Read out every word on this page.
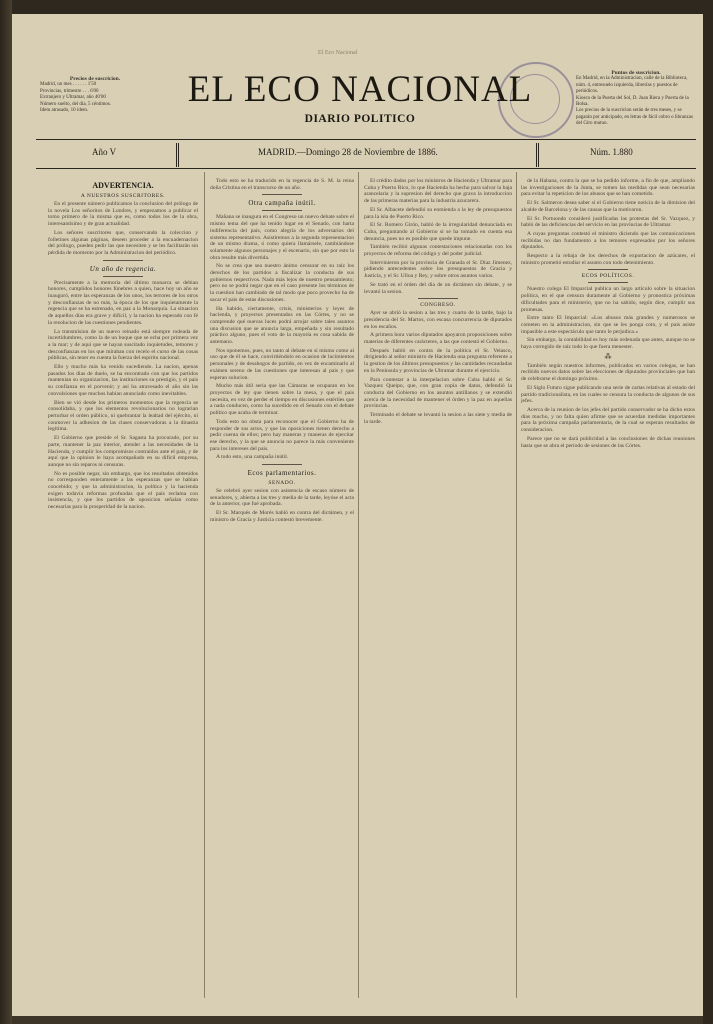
El Eco Nacional
Precios de suscricion.
Madrid, un mes . . . . . . 1'50
Provincias, trimestre . . . 6'00
Extranjero y Ultramar, año 40'00
Número suelto, del día, 5 céntimos.
Idem atrasado, 10 ídem.
Puntos de suscricion.
En Madrid, en la Administracion, calle de la Biblioteca, núm. 4, entresuelo izquierda, librerías y puestos de periódicos.
Kiosco de la Puerta del Sol, D. Juan Riera y Puerta de la Bolsa.
Los precios de la suscricion serán de tres meses, y se pagarán por anticipado, en letras de fácil cobro o libranzas del Giro mutuo.
EL ECO NACIONAL
DIARIO POLITICO
Año V	MADRID.—Domingo 28 de Noviembre de 1886.	Núm. 1.880
ADVERTENCIA.
A NUESTROS SUSCRITORES.

En el presente número publicamos la conclusion del prólogo de la novela Los señoritos de Londres, y empezamos a publicar el tomo primero de la misma que es, como todos los de la obra, interesantísimo y de gran actualidad.

Los señores suscritores que, conservando la coleccion y folletines algunas páginas, deseen proceder a la encuadernacion del prólogo, pueden pedir las que necesiten y se les facilitarán sin pérdida de momento por la Administracion del periódico.

Un año de regencia.

Precisamente a la memoria del último monarca se debian honores, cumplidos honores fúnebres a quien, hace hoy un año se inauguró, entre las esperanzas de los unos, los terrores de los otros y desconfianzas de no más, la época de los que inquietamente la regencia que se ha estrenado, en paz a la Monarquía. La situacion de aquellos días era grave y difícil, y la nacion ha esperado con fé la resolucion de las cuestiones pendientes.

La transmision de un nuevo reinado está siempre rodeada de incertidumbres, como la de un buque que se echa por primera vez a la mar; y de aquí que se hayan suscitado inquietudes, temores y desconfianzas en los que miraban con recelo el curso de las cosas públicas, sin tener en cuenta la fuerza del espíritu nacional.

Ello y mucho más ha venido sucediendo. La nacion, apenas pasados los dias de duelo, se ha encontrado con que los partidos mantenian su organizacion, las instituciones su prestigio, y el pais su confianza en el porvenir; y así ha atravesado el año sin las convulsiones que muchos habian anunciado como inevitables.

Bien se vió desde los primeros momentos que la regencia se consolidaba, y que los elementos revolucionarios no lograrian perturbar el orden público, ni quebrantar la lealtad del ejército, ni conmover la adhesion de las clases conservadoras a la dinastía legítima.

El Gobierno que preside el Sr. Sagasta ha procurado, por su parte, mantener la paz interior, atender a las necesidades de la Hacienda, y cumplir los compromisos contraidos ante el pais, y de aquí que la opinion le haya acompañado en su difícil empresa, aunque no sin reparos ni censuras.

No es posible negar, sin embargo, que los resultados obtenidos no corresponden enteramente a las esperanzas que se habian concebido; y que la administracion, la política y la hacienda exigen todavía reformas profundas que el pais reclama con insistencia, y que los partidos de oposicion señalan como necesarias para la prosperidad de la nacion.

Todo esto se ha traducido en la regencia de S. M. la reina doña Cristina en el transcurso de un año.

Otra campaña inútil.

Mañana se inaugura en el Congreso un nuevo debate sobre el mismo tema del que ha tenido lugar en el Senado, con harta indiferencia del país, como alegría de los adversarios del sistema representativo. Asistiremos a la segunda representacion de un mismo drama, ó como quiera llamársele, cambiándose solamente algunos personajes y el escenario, sin que por esto la obra resulte más divertida.

No se crea que sea nuestro ánimo censurar en su raíz los derechos de los partidos a fiscalizar la conducta de sus gobiernos respectivos. Nada más lejos de nuestro pensamiento; pero no se podrá negar que en el caso presente los términos de la cuestion han cambiado de tal modo que poco provecho ha de sacar el pais de estas discusiones.

Ha habido, ciertamente, crisis, ministerios y leyes de hacienda, y proyectos presentados en las Córtes, y no se comprende qué nuevas luces podrá arrojar sobre tales asuntos una discusion que se anuncia larga, empeñada y sin resultado práctico alguno, pues el voto de la mayoría es cosa sabida de antemano.

Nos oponemos, pues, no tanto al debate en sí mismo como al uso que de él se hace, convirtiéndolo en ocasion de lucimientos personales y de desahogos de partido, en vez de encaminarlo al exámen sereno de las cuestiones que interesan al pais y que esperan solucion.

Mucho más útil seria que las Cámaras se ocuparan en los proyectos de ley que tienen sobre la mesa, y que el pais necesita, en vez de perder el tiempo en discusiones estériles que a nada conducen, como ha sucedido en el Senado con el debate político que acaba de terminar.

Todo esto no obsta para reconocer que el Gobierno ha de responder de sus actos, y que las oposiciones tienen derecho a pedir cuenta de ellos; pero hay maneras y maneras de ejercitar ese derecho, y la que se anuncia no parece la más conveniente para los intereses del pais.

A todo esto, una campaña inútil.

Ecos parlamentarios.
SENADO.

Se celebró ayer sesion con asistencia de escaso número de senadores, y, abierta a las tres y media de la tarde, leyóse el acta de la anterior, que fué aprobada.

El Sr. Marqués de Morés habló en contra del dictámen, y el ministro de Gracia y Justicia contestó brevemente.

El crédito dados por los ministros de Hacienda y Ultramar para Cuba y Puerto Rico, lo que Hacienda ha hecho para salvar la baja arancelaria y la supresion del derecho que grava la introduccion de las primeras materias para la industria azucarera.

El Sr. Albacete defendió su enmienda a la ley de presupuestos para la isla de Puerto Rico.

El Sr. Romero Girón, habló de la irregularidad denunciada en Cuba, preguntando al Gobierno si se ha tomado en cuenta esa denuncia, pues no es posible que quede impune.

También recibió algunas contestaciones relacionadas con los proyectos de reforma del código y del poder judicial.

Intervinieron por la provincia de Granada el Sr. Díaz Jimenez, pidiendo antecedentes sobre los presupuestos de Gracia y Justicia, y el Sr. Ulloa y Rey, y sobre otros asuntos varios.

Se trató en el órden del dia de un dictámen sin debate, y se levantó la sesion.

CONGRESO.

Ayer se abrió la sesion a las tres y cuarto de la tarde, bajo la presidencia del Sr. Martos, con escasa concurrencia de diputados en los escaños.

A primera hora varios diputados apoyaron proposiciones sobre materias de diferentes carácteres, a las que contestó el Gobierno.

Después habló en contra de la política el Sr. Velasco, dirigiendo al señor ministro de Hacienda una pregunta referente a la gestion de los últimos presupuestos y las cantidades recaudadas en la Península y provincias de Ultramar durante el ejercicio.

Para contestar a la interpelacion sobre Cuba habló el Sr. Vazquez Queipo, que, con gran copia de datos, defendió la conducta del Gobierno en los asuntos antillanos y se extendió acerca de la necesidad de mantener el órden y la paz en aquellas provincias.

Terminado el debate se levantó la sesion a las siete y media de la tarde.

de la Habana, contra la que se ha pedido informe, a fin de que, ampliando las investigaciones de la Junta, se tomen las medidas que sean necesarias para evitar la repeticion de los abusos que se han cometido.

El Sr. Salmeron desea saber si el Gobierno tiene noticia de la dimision del alcalde de Barcelona y de las causas que la motivaron.

El Sr. Portuondo consideró justificadas las protestas del Sr. Vazquez, y habló de las deficiencias del servicio en las provincias de Ultramar.

A cuyas preguntas contestó el ministro diciendo que las comunicaciones recibidas no dan fundamento a los temores expresados por los señores diputados.

Respecto a la rebaja de los derechos de exportacion de azúcares, el ministro prometió estudiar el asunto con todo detenimiento.

ECOS POLÍTICOS.

Nuestro colega El Imparcial publica un largo artículo sobre la situacion política, en el que censura duramente al Gobierno y pronostica próximas dificultades para el ministerio, que no ha sabido, según dice, cumplir sus promesas.

Entre tanto El Imparcial: «Los abusos más grandes y numerosos se cometen en la administracion, sin que se les ponga coto, y el pais asiste impasible a este espectáculo que tanto le perjudica.»

Sin embargo, la contabilidad es hoy más ordenada que antes, aunque no se haya corregido de raíz todo lo que fuera menester.

⁂

También según nuestros informes, publicados en varios colegas, se han recibido nuevos datos sobre las elecciones de diputados provinciales que han de celebrarse el domingo próximo.

El Siglo Futuro sigue publicando una serie de cartas relativas al estado del partido tradicionalista, en las cuales se censura la conducta de algunos de sus jefes.

Acerca de la reunion de los jefes del partido conservador se ha dicho estos días mucho, y no falta quien afirme que se acuerdan medidas importantes para la próxima campaña parlamentaria, de la cual se esperan resultados de consideracion.

Parece que no se dará publicidad a las conclusiones de dichas reuniones hasta que se abra el período de sesiones de las Córtes.
